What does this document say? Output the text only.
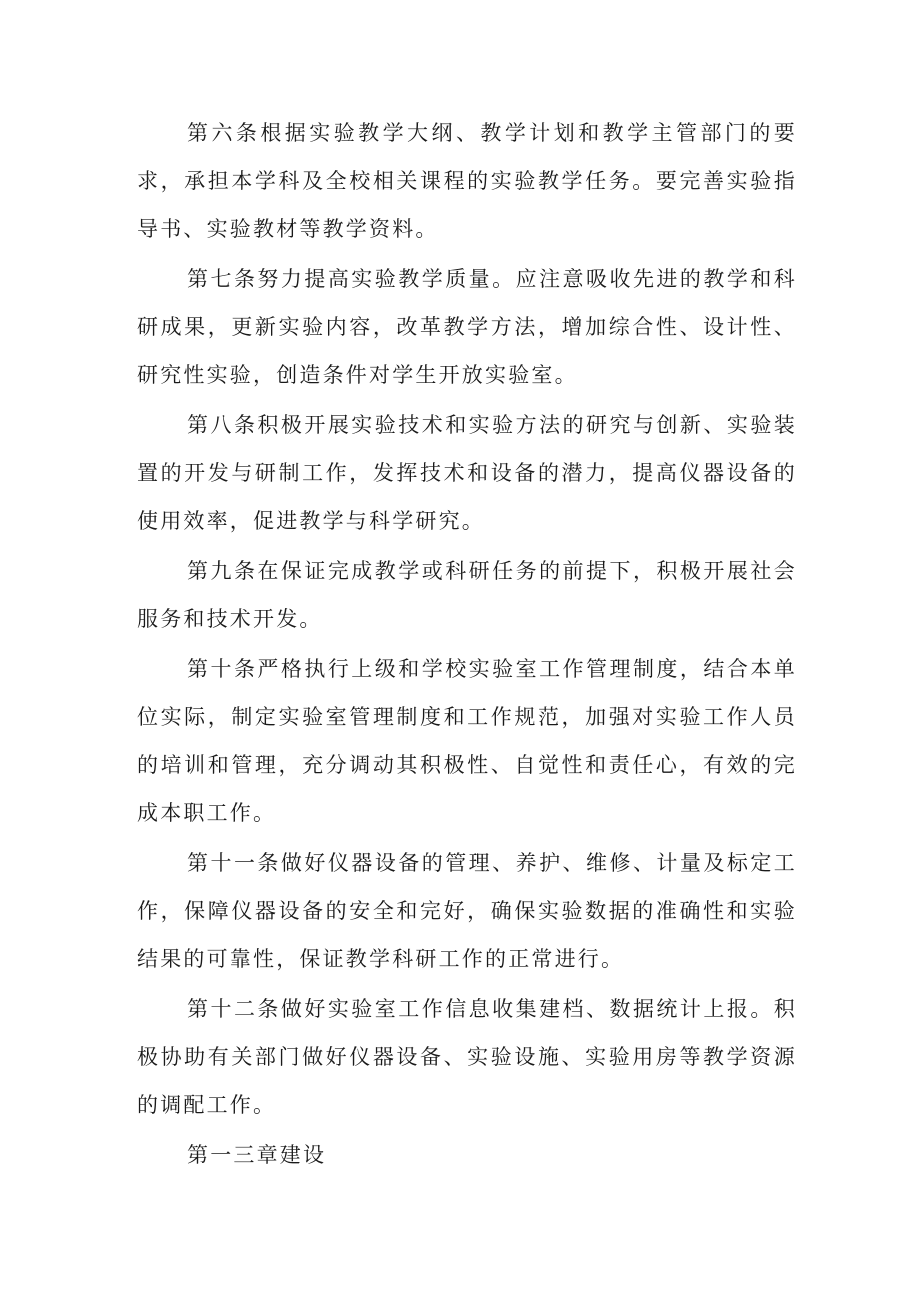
第六条根据实验教学大纲、教学计划和教学主管部门的要求，承担本学科及全校相关课程的实验教学任务。要完善实验指导书、实验教材等教学资料。

第七条努力提高实验教学质量。应注意吸收先进的教学和科研成果，更新实验内容，改革教学方法，增加综合性、设计性、研究性实验，创造条件对学生开放实验室。

第八条积极开展实验技术和实验方法的研究与创新、实验装置的开发与研制工作，发挥技术和设备的潜力，提高仪器设备的使用效率，促进教学与科学研究。

第九条在保证完成教学或科研任务的前提下，积极开展社会服务和技术开发。

第十条严格执行上级和学校实验室工作管理制度，结合本单位实际，制定实验室管理制度和工作规范，加强对实验工作人员的培训和管理，充分调动其积极性、自觉性和责任心，有效的完成本职工作。

第十一条做好仪器设备的管理、养护、维修、计量及标定工作，保障仪器设备的安全和完好，确保实验数据的准确性和实验结果的可靠性，保证教学科研工作的正常进行。

第十二条做好实验室工作信息收集建档、数据统计上报。积极协助有关部门做好仪器设备、实验设施、实验用房等教学资源的调配工作。

第一三章建设
